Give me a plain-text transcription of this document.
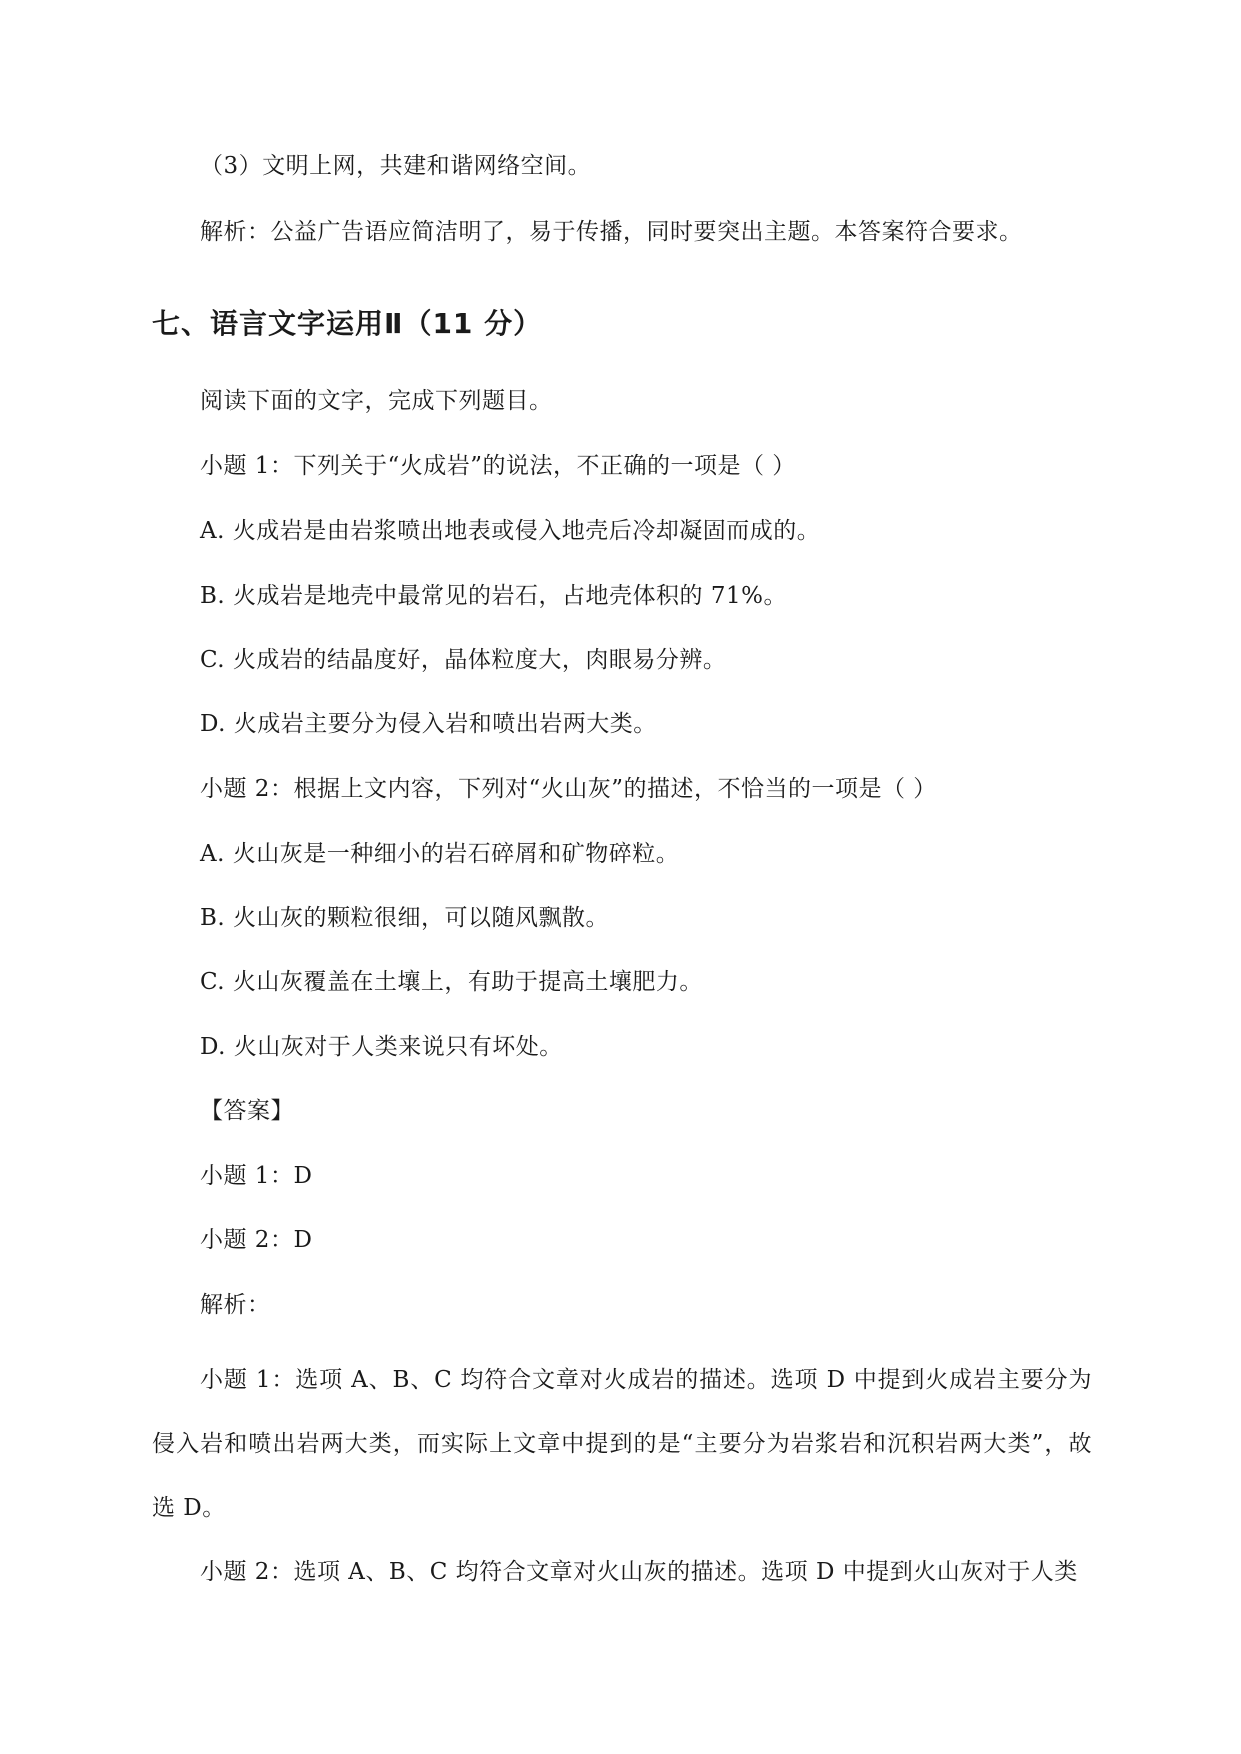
（3）文明上网，共建和谐网络空间。
解析：公益广告语应简洁明了，易于传播，同时要突出主题。本答案符合要求。
七、语言文字运用Ⅱ（11 分）
阅读下面的文字，完成下列题目。
小题 1：下列关于“火成岩”的说法，不正确的一项是（ ）
A. 火成岩是由岩浆喷出地表或侵入地壳后冷却凝固而成的。
B. 火成岩是地壳中最常见的岩石，占地壳体积的 71%。
C. 火成岩的结晶度好，晶体粒度大，肉眼易分辨。
D. 火成岩主要分为侵入岩和喷出岩两大类。
小题 2：根据上文内容，下列对“火山灰”的描述，不恰当的一项是（ ）
A. 火山灰是一种细小的岩石碎屑和矿物碎粒。
B. 火山灰的颗粒很细，可以随风飘散。
C. 火山灰覆盖在土壤上，有助于提高土壤肥力。
D. 火山灰对于人类来说只有坏处。
【答案】
小题 1：D
小题 2：D
解析：
小题 1：选项 A、B、C 均符合文章对火成岩的描述。选项 D 中提到火成岩主要分为侵入岩和喷出岩两大类，而实际上文章中提到的是“主要分为岩浆岩和沉积岩两大类”，故选 D。
小题 2：选项 A、B、C 均符合文章对火山灰的描述。选项 D 中提到火山灰对于人类
